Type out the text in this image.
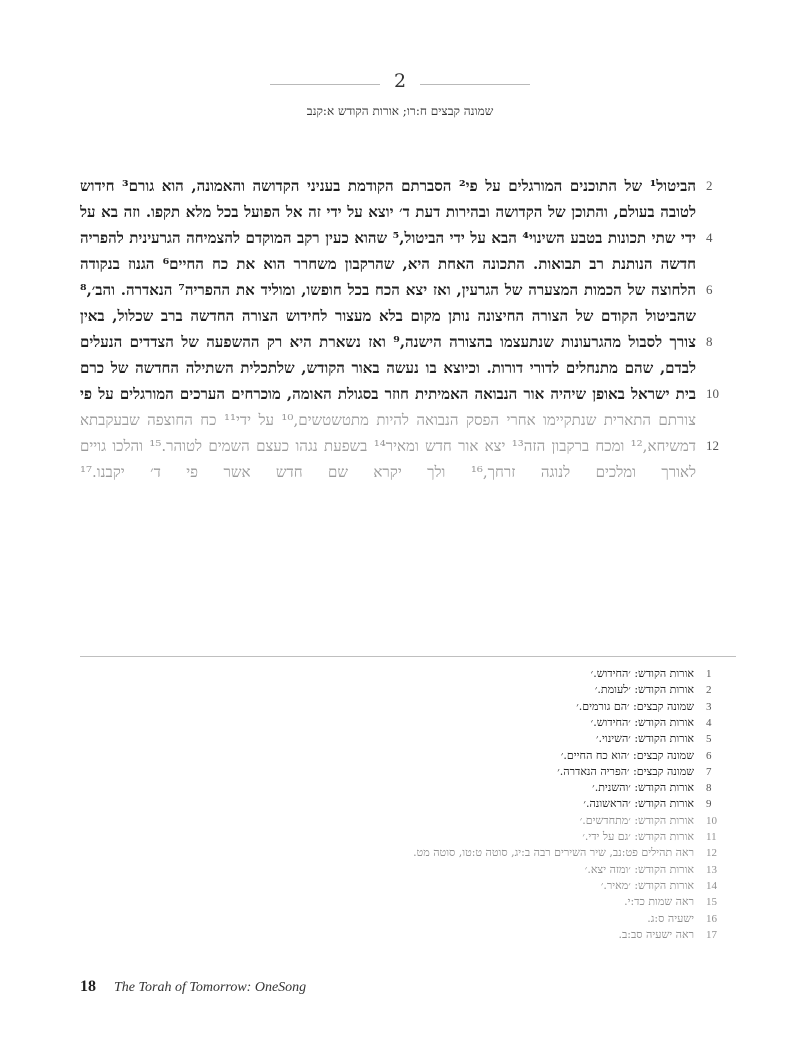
2
שמונה קבצים ח:רו; אורות הקודש א:קנב
2
הביטול¹ של התוכנים המורגלים על פי² הסברתם הקודמת בעניני הקדושה והאמונה, הוא גורם³ חידוש
לטובה בעולם, והתוכן של הקדושה ובהירות דעת ד׳ יוצא על ידי זה אל הפועל בכל מלא תקפו. וזה בא על
4
ידי שתי תכונות בטבע השינוי⁴ הבא על ידי הביטול,⁵ שהוא כעין רקב המוקדם להצמיחה הגרעינית להפריה
חדשה הנותנת רב תבואות. התכונה האחת היא, שהרקבון משחרר הוא את כח החיים⁶ הגנוז בנקודה
6
הלחוצה של הכמות המצערה של הגרעין, ואז יצא הכח בכל חופשו, ומוליד את ההפריה⁷ הנאדרה. והב׳,⁸
שהביטול הקודם של הצורה החיצונה נותן מקום בלא מעצור לחידוש הצורה החדשה ברב שכלול, באין
8
צורך לסבול מהגרעונות שנתעצמו בהצורה הישנה,⁹ ואז נשארת היא רק ההשפעה של הצדדים הנעלים
לבדם, שהם מתנחלים לדורי דורות. וכיוצא בו נעשה באור הקודש, שלתכלית השתילה החדשה של כרם
10
בית ישראל באופן שיהיה אור הנבואה האמיתית חוזר בסגולת האומה, מוכרחים הערכים המורגלים על פי
צורתם התארית שנתקיימו אחרי הפסק הנבואה להיות מתטשטשים,¹⁰ על ידי¹¹ כח החוצפה שבעקבתא
12
דמשיחא,¹² ומכח ברקבון הזה¹³ יצא אור חדש ומאיר¹⁴ בשפעת נגהו כעצם השמים לטוהר.¹⁵ והלכו גויים
לאורך ומלכים לנוגה זרחך,¹⁶ ולך יקרא שם חדש אשר פי ד׳ יקבנו.¹⁷
1
אורות הקודש: ׳החידוש.׳
2
אורות הקודש: ׳לעומת.׳
3
שמונה קבצים: ׳הם גורמים.׳
4
אורות הקודש: ׳החידוש.׳
5
אורות הקודש: ׳השינוי.׳
6
שמונה קבצים: ׳הוא כח החיים.׳
7
שמונה קבצים: ׳הפריה הנאדרה.׳
8
אורות הקודש: ׳והשנית.׳
9
אורות הקודש: ׳הראשונה.׳
10
אורות הקודש: ׳מתחדשים.׳
11
אורות הקודש: ׳גם על ידי.׳
12
ראה תהילים פט:נב, שיר השירים רבה ב:יג, סוטה ט:טו, סוטה מט.
13
אורות הקודש: ׳ומזה יצא.׳
14
אורות הקודש: ׳מאיר.׳
15
ראה שמות כד:י.
16
ישעיה ס:ג.
17
ראה ישעיה סב:ב.
18 The Torah of Tomorrow: OneSong
